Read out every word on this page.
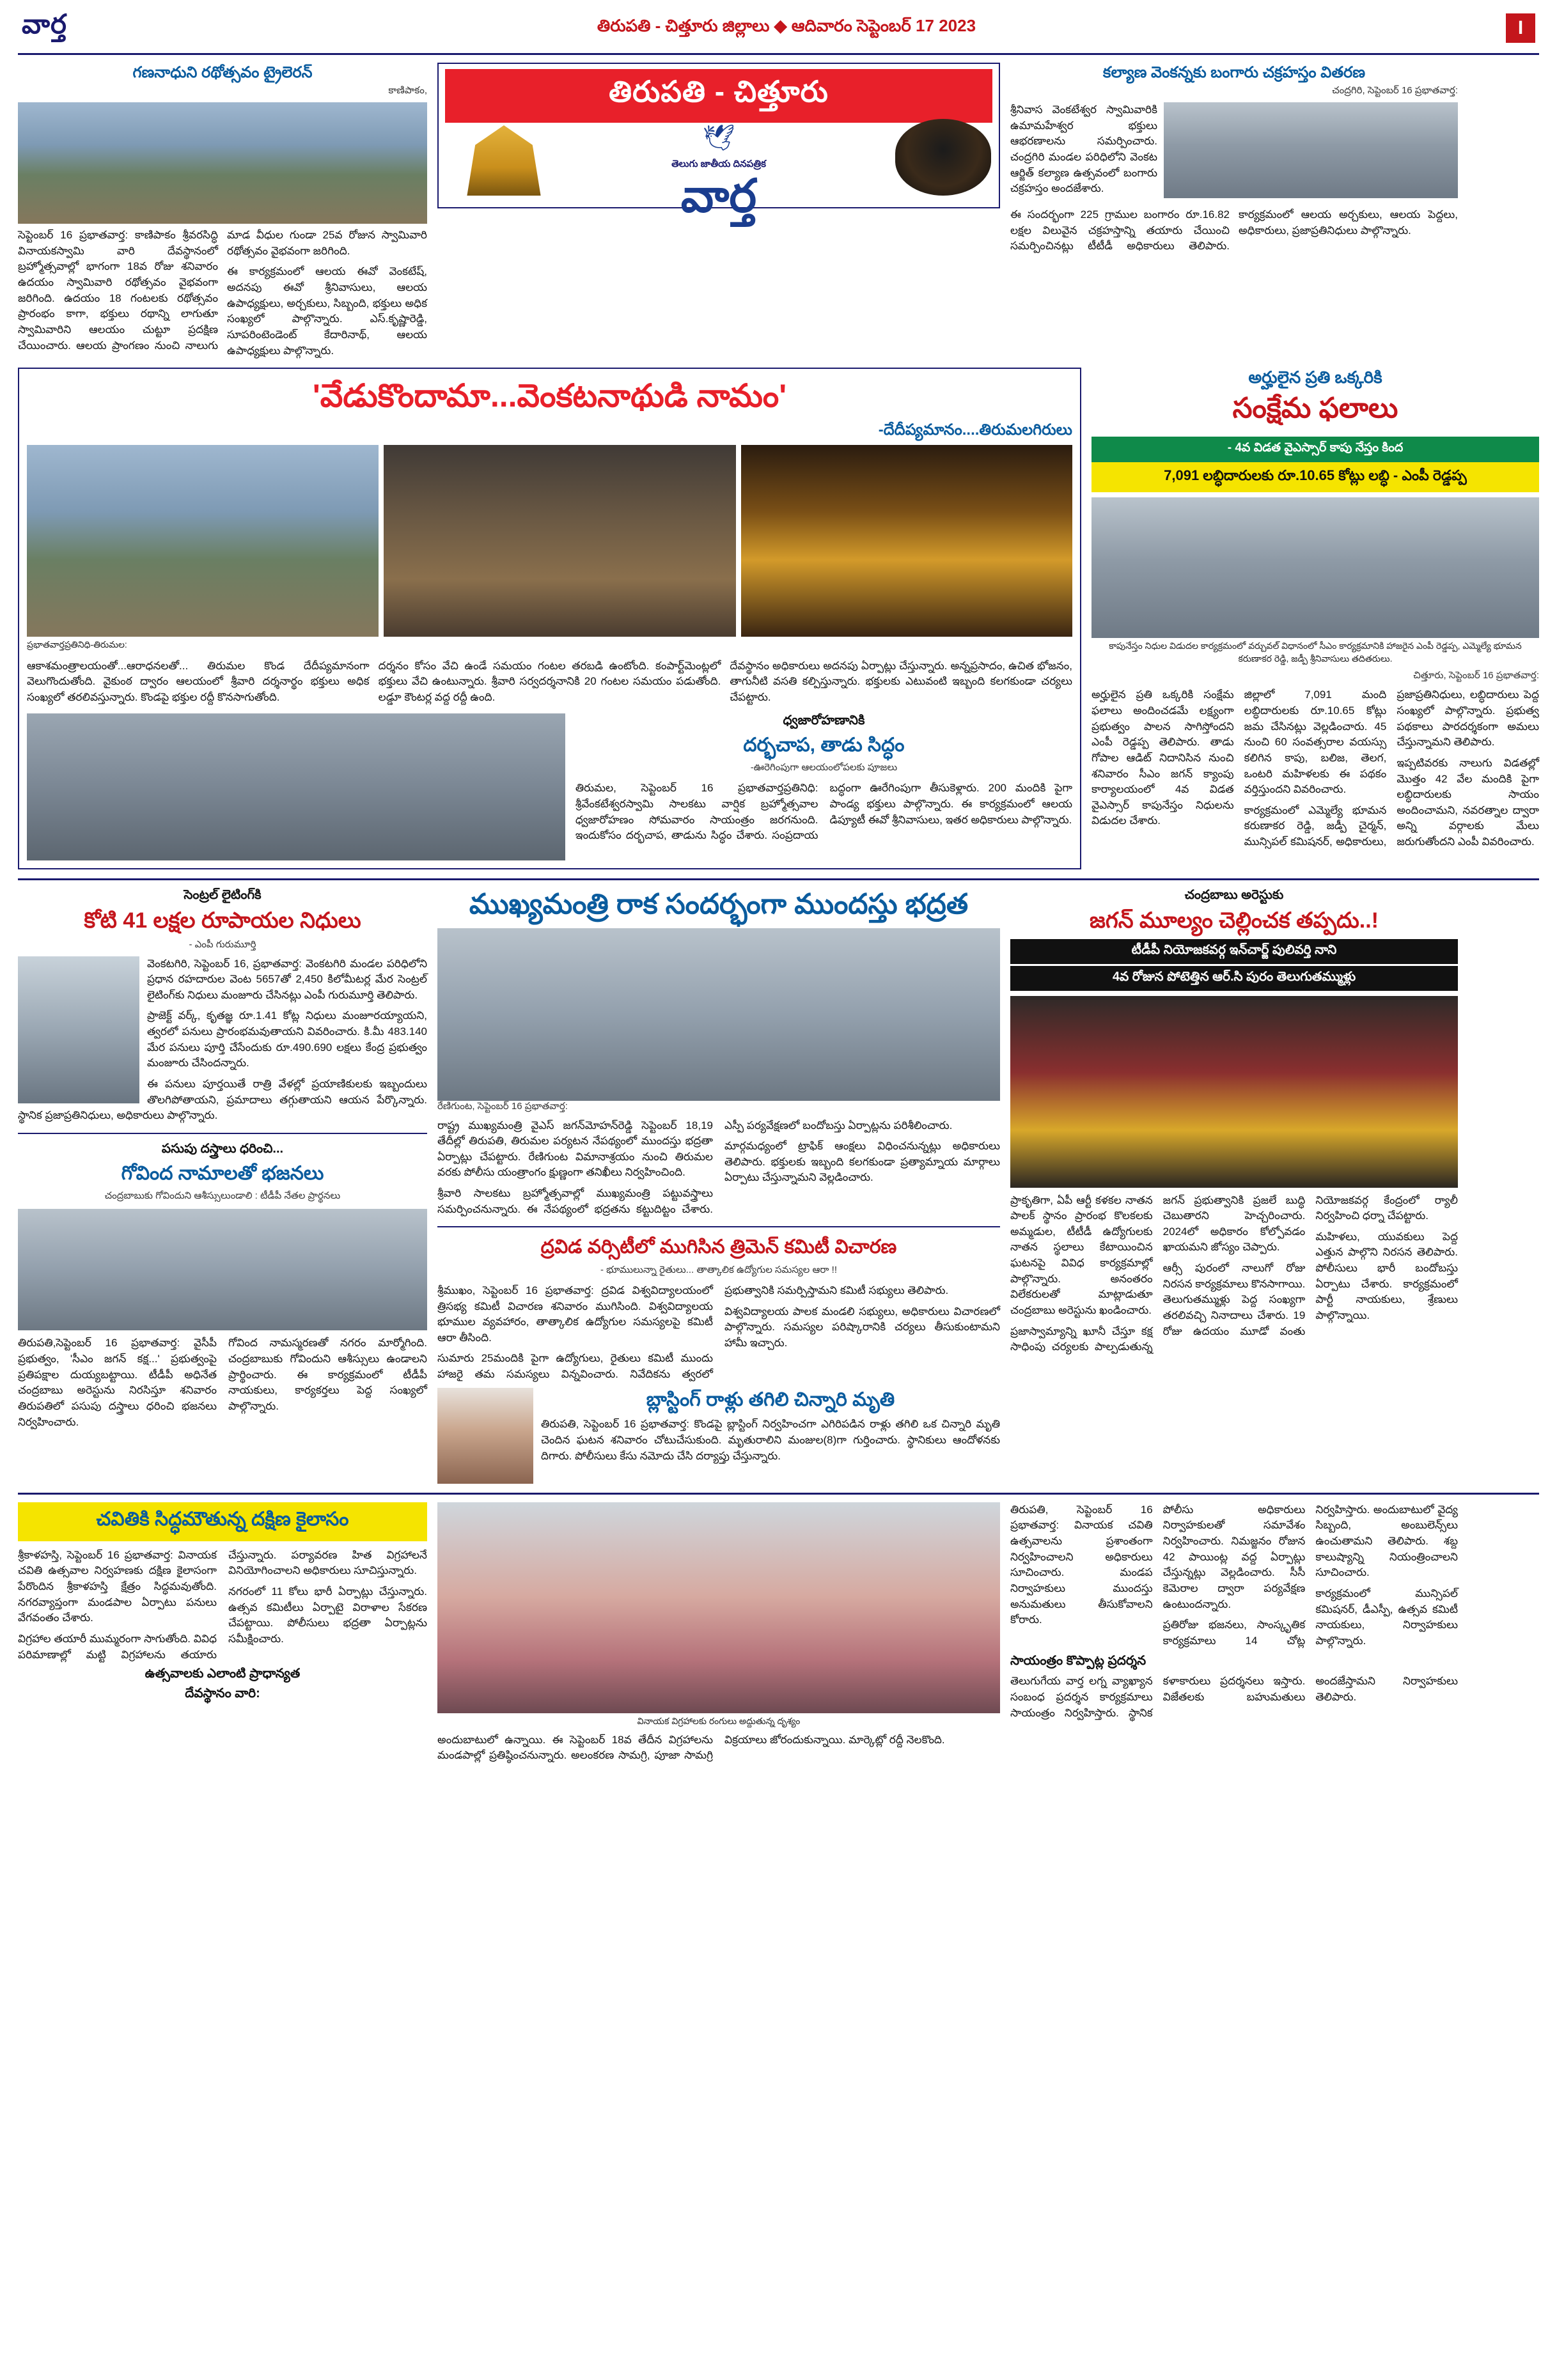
వార్త	తిరుపతి - చిత్తూరు జిల్లాలు ◆ ఆదివారం సెప్టెంబర్ 17 2023	I
గణనాధుని రథోత్సవం ట్రైలెరన్
కాణిపాకం,

సెప్టెంబర్ 16 ప్రభాతవార్త: కాణిపాకం శ్రీవరసిద్ధి వినాయకస్వామి వారి దేవస్థానంలో బ్రహ్మోత్సవాల్లో భాగంగా 18వ రోజు శనివారం ఉదయం స్వామివారి రథోత్సవం వైభవంగా జరిగింది. ఉదయం 18 గంటలకు రథోత్సవం ప్రారంభం కాగా, భక్తులు రథాన్ని లాగుతూ స్వామివారిని ఆలయం చుట్టూ ప్రదక్షిణ చేయించారు. ఆలయ ప్రాంగణం నుంచి నాలుగు మాడ వీధుల గుండా 25వ రోజున స్వామివారి రథోత్సవం వైభవంగా జరిగింది.

ఈ కార్యక్రమంలో ఆలయ ఈవో వెంకటేష్, అదనపు ఈవో శ్రీనివాసులు, ఆలయ ఉపాధ్యక్షులు, అర్చకులు, సిబ్బంది, భక్తులు అధిక సంఖ్యలో పాల్గొన్నారు. ఎస్.కృష్ణారెడ్డి, సూపరింటెండెంట్ కేదారినాథ్, ఆలయ ఉపాధ్యక్షులు పాల్గొన్నారు.

తిరుపతి - చిత్తూరు
🕊
తెలుగు జాతీయ దినపత్రిక
వార్త
కల్యాణ వెంకన్నకు బంగారు చక్రహస్తం వితరణ
చంద్రగిరి, సెప్టెంబర్ 16 ప్రభాతవార్త:

శ్రీనివాస వెంకటేశ్వర స్వామివారికి ఉమామహేశ్వర భక్తులు ఆభరణాలను సమర్పించారు. చంద్రగిరి మండల పరిధిలోని వెంకట ఆర్జిత్ కల్యాణ ఉత్సవంలో బంగారు చక్రహస్తం అందజేశారు.

ఈ సందర్భంగా 225 గ్రాముల బంగారం రూ.16.82 లక్షల విలువైన చక్రహస్తాన్ని తయారు చేయించి సమర్పించినట్లు టీటీడీ అధికారులు తెలిపారు. కార్యక్రమంలో ఆలయ అర్చకులు, ఆలయ పెద్దలు, అధికారులు, ప్రజాప్రతినిధులు పాల్గొన్నారు.

'వేడుకొందామా...వెంకటనాథుడి నామం'
-దేదీప్యమానం....తిరుమలగిరులు
ప్రభాతవార్తప్రతినిధి-తిరుమల:
ఆకాశమంత్రాలయంతో...ఆరాధనలతో... తిరుమల కొండ దేదీప్యమానంగా వెలుగొందుతోంది. వైకుంఠ ద్వారం ఆలయంలో శ్రీవారి దర్శనార్థం భక్తులు అధిక సంఖ్యలో తరలివస్తున్నారు. కొండపై భక్తుల రద్దీ కొనసాగుతోంది.
దర్శనం కోసం వేచి ఉండే సమయం గంటల తరబడి ఉంటోంది. కంపార్ట్‌మెంట్లలో భక్తులు వేచి ఉంటున్నారు. శ్రీవారి సర్వదర్శనానికి 20 గంటల సమయం పడుతోంది. లడ్డూ కౌంటర్ల వద్ద రద్దీ ఉంది.
దేవస్థానం అధికారులు అదనపు ఏర్పాట్లు చేస్తున్నారు. అన్నప్రసాదం, ఉచిత భోజనం, తాగునీటి వసతి కల్పిస్తున్నారు. భక్తులకు ఎటువంటి ఇబ్బంది కలగకుండా చర్యలు చేపట్టారు.
ధ్వజారోహణానికి
దర్భచాప, తాడు సిద్ధం
-ఊరెగింపుగా ఆలయంలోపలకు పూజలు
తిరుమల, సెప్టెంబర్ 16 ప్రభాతవార్తప్రతినిధి: శ్రీవేంకటేశ్వరస్వామి సాలకటు వార్షిక బ్రహ్మోత్సవాల ధ్వజారోహణం సోమవారం సాయంత్రం జరగనుంది. ఇందుకోసం దర్భచాప, తాడును సిద్ధం చేశారు. సంప్రదాయ బద్ధంగా ఊరేగింపుగా తీసుకెళ్లారు. 200 మందికి పైగా పాండ్య భక్తులు పాల్గొన్నారు. ఈ కార్యక్రమంలో ఆలయ డిప్యూటీ ఈవో శ్రీనివాసులు, ఇతర అధికారులు పాల్గొన్నారు.
అర్హులైన ప్రతి ఒక్కరికి
సంక్షేమ ఫలాలు
- 4వ విడత వైఎస్సార్ కాపు నేస్తం కింద
7,091 లబ్ధిదారులకు రూ.10.65 కోట్లు లబ్ధి - ఎంపీ రెడ్డప్ప
కాపునేస్తం నిధుల విడుదల కార్యక్రమంలో వర్చువల్ విధానంలో సీఎం కార్యక్రమానికి హాజరైన ఎంపీ రెడ్డప్ప, ఎమ్మెల్యే భూమన కరుణాకర రెడ్డి, జడ్పీ శ్రీనివాసులు తదితరులు.
చిత్తూరు, సెప్టెంబర్ 16 ప్రభాతవార్త:

అర్హులైన ప్రతి ఒక్కరికి సంక్షేమ ఫలాలు అందించడమే లక్ష్యంగా ప్రభుత్వం పాలన సాగిస్తోందని ఎంపీ రెడ్డప్ప తెలిపారు. తాడు గోపాల ఆడిట్ నిదానిసిన నుంచి శనివారం సీఎం జగన్ క్యాంపు కార్యాలయంలో 4వ విడత వైఎస్సార్ కాపునేస్తం నిధులను విడుదల చేశారు.

జిల్లాలో 7,091 మంది లబ్ధిదారులకు రూ.10.65 కోట్లు జమ చేసినట్లు వెల్లడించారు. 45 నుంచి 60 సంవత్సరాల వయస్సు కలిగిన కాపు, బలిజ, తెలగ, ఒంటరి మహిళలకు ఈ పథకం వర్తిస్తుందని వివరించారు.

కార్యక్రమంలో ఎమ్మెల్యే భూమన కరుణాకర రెడ్డి, జడ్పీ చైర్మన్, మున్సిపల్ కమిషనర్, అధికారులు, ప్రజాప్రతినిధులు, లబ్ధిదారులు పెద్ద సంఖ్యలో పాల్గొన్నారు. ప్రభుత్వ పథకాలు పారదర్శకంగా అమలు చేస్తున్నామని తెలిపారు.

ఇప్పటివరకు నాలుగు విడతల్లో మొత్తం 42 వేల మందికి పైగా లబ్ధిదారులకు సాయం అందించామని, నవరత్నాల ద్వారా అన్ని వర్గాలకు మేలు జరుగుతోందని ఎంపీ వివరించారు.

సెంట్రల్ లైటింగ్‌కి
కోటి 41 లక్షల రూపాయల నిధులు
- ఎంపీ గురుమూర్తి

వెంకటగిరి, సెప్టెంబర్ 16, ప్రభాతవార్త: వెంకటగిరి మండల పరిధిలోని ప్రధాన రహదారుల వెంట 5657తో 2,450 కిలోమీటర్ల మేర సెంట్రల్ లైటింగ్‌కు నిధులు మంజూరు చేసినట్లు ఎంపీ గురుమూర్తి తెలిపారు.

ప్రాజెక్ట్ వర్క్, కృతజ్ఞ రూ.1.41 కోట్ల నిధులు మంజూరయ్యాయని, త్వరలో పనులు ప్రారంభమవుతాయని వివరించారు. కి.మీ 483.140 మేర పనులు పూర్తి చేసేందుకు రూ.490.690 లక్షలు కేంద్ర ప్రభుత్వం మంజూరు చేసిందన్నారు.

ఈ పనులు పూర్తయితే రాత్రి వేళల్లో ప్రయాణికులకు ఇబ్బందులు తొలగిపోతాయని, ప్రమాదాలు తగ్గుతాయని ఆయన పేర్కొన్నారు. స్థానిక ప్రజాప్రతినిధులు, అధికారులు పాల్గొన్నారు.

పసుపు దస్త్రాలు ధరించి...
గోవింద నామాలతో భజనలు
చంద్రబాబుకు గోవిందుని ఆశీస్సులుండాలి : టీడీపీ నేతల ప్రార్థనలు

తిరుపతి,సెప్టెంబర్ 16 ప్రభాతవార్త: వైసీపీ ప్రభుత్వం, 'సీఎం జగన్ కక్ష...' ప్రభుత్వంపై ప్రతిపక్షాల దుయ్యబట్టాయి. టీడీపీ అధినేత చంద్రబాబు అరెస్టును నిరసిస్తూ శనివారం తిరుపతిలో పసుపు దస్త్రాలు ధరించి భజనలు నిర్వహించారు.

గోవింద నామస్మరణతో నగరం మార్మోగింది. చంద్రబాబుకు గోవిందుని ఆశీస్సులు ఉండాలని ప్రార్థించారు. ఈ కార్యక్రమంలో టీడీపీ నాయకులు, కార్యకర్తలు పెద్ద సంఖ్యలో పాల్గొన్నారు.

ముఖ్యమంత్రి రాక సందర్భంగా ముందస్తు భద్రత
రేణిగుంట, సెప్టెంబర్ 16 ప్రభాతవార్త:

రాష్ట్ర ముఖ్యమంత్రి వైఎస్ జగన్‌మోహన్‌రెడ్డి సెప్టెంబర్ 18,19 తేదీల్లో తిరుపతి, తిరుమల పర్యటన నేపథ్యంలో ముందస్తు భద్రతా ఏర్పాట్లు చేపట్టారు. రేణిగుంట విమానాశ్రయం నుంచి తిరుమల వరకు పోలీసు యంత్రాంగం క్షుణ్ణంగా తనిఖీలు నిర్వహించింది.

శ్రీవారి సాలకటు బ్రహ్మోత్సవాల్లో ముఖ్యమంత్రి పట్టువస్త్రాలు సమర్పించనున్నారు. ఈ నేపథ్యంలో భద్రతను కట్టుదిట్టం చేశారు. ఎస్పీ పర్యవేక్షణలో బందోబస్తు ఏర్పాట్లను పరిశీలించారు.

మార్గమధ్యంలో ట్రాఫిక్ ఆంక్షలు విధించనున్నట్లు అధికారులు తెలిపారు. భక్తులకు ఇబ్బంది కలగకుండా ప్రత్యామ్నాయ మార్గాలు ఏర్పాటు చేస్తున్నామని వెల్లడించారు.

ద్రవిడ వర్సిటీలో ముగిసిన త్రిమెన్ కమిటీ విచారణ
- భూములున్నా రైతులు... తాత్కాలిక ఉద్యోగుల సమస్యల ఆరా !!

శ్రీముఖం, సెప్టెంబర్ 16 ప్రభాతవార్త: ద్రవిడ విశ్వవిద్యాలయంలో త్రిసభ్య కమిటీ విచారణ శనివారం ముగిసింది. విశ్వవిద్యాలయ భూముల వ్యవహారం, తాత్కాలిక ఉద్యోగుల సమస్యలపై కమిటీ ఆరా తీసింది.

సుమారు 25మందికి పైగా ఉద్యోగులు, రైతులు కమిటీ ముందు హాజరై తమ సమస్యలు విన్నవించారు. నివేదికను త్వరలో ప్రభుత్వానికి సమర్పిస్తామని కమిటీ సభ్యులు తెలిపారు.

విశ్వవిద్యాలయ పాలక మండలి సభ్యులు, అధికారులు విచారణలో పాల్గొన్నారు. సమస్యల పరిష్కారానికి చర్యలు తీసుకుంటామని హామీ ఇచ్చారు.

బ్లాస్టింగ్ రాళ్లు తగిలి చిన్నారి మృతి
తిరుపతి, సెప్టెంబర్ 16 ప్రభాతవార్త: కొండపై బ్లాస్టింగ్ నిర్వహించగా ఎగిరిపడిన రాళ్లు తగిలి ఒక చిన్నారి మృతి చెందిన ఘటన శనివారం చోటుచేసుకుంది. మృతురాలిని మంజుల(8)గా గుర్తించారు. స్థానికులు ఆందోళనకు దిగారు. పోలీసులు కేసు నమోదు చేసి దర్యాప్తు చేస్తున్నారు.
చంద్రబాబు అరెస్టుకు
జగన్ మూల్యం చెల్లించక తప్పదు..!
టీడీపీ నియోజకవర్గ ఇన్‌చార్జ్ పులివర్తి నాని
4వ రోజున పోటెత్తిన ఆర్.సి పురం తెలుగుతమ్ముళ్లు

ప్రాకృతిగా, ఏపీ ఆర్టీ కళకల నాతన పాలక్ స్థానం ప్రారంభ కొలకలకు అమ్మడుల, టీటీడీ ఉద్యోగులకు నాతన స్థలాలు కేటాయించిన ఘటనపై వివిధ కార్యక్రమాల్లో పాల్గొన్నారు. అనంతరం విలేకరులతో మాట్లాడుతూ చంద్రబాబు అరెస్టును ఖండించారు.

ప్రజాస్వామ్యాన్ని ఖూనీ చేస్తూ కక్ష సాధింపు చర్యలకు పాల్పడుతున్న జగన్ ప్రభుత్వానికి ప్రజలే బుద్ధి చెబుతారని హెచ్చరించారు. 2024లో అధికారం కోల్పోవడం ఖాయమని జోస్యం చెప్పారు.

ఆర్సీ పురంలో నాలుగో రోజు నిరసన కార్యక్రమాలు కొనసాగాయి. తెలుగుతమ్ముళ్లు పెద్ద సంఖ్యగా తరలివచ్చి నినాదాలు చేశారు. 19 రోజు ఉదయం మూడో వంతు నియోజకవర్గ కేంద్రంలో ర్యాలీ నిర్వహించి ధర్నా చేపట్టారు.

మహిళలు, యువకులు పెద్ద ఎత్తున పాల్గొని నిరసన తెలిపారు. పోలీసులు భారీ బందోబస్తు ఏర్పాటు చేశారు. కార్యక్రమంలో పార్టీ నాయకులు, శ్రేణులు పాల్గొన్నాయి.

చవితికి సిద్ధమౌతున్న దక్షిణ కైలాసం

శ్రీకాళహస్తి, సెప్టెంబర్ 16 ప్రభాతవార్త: వినాయక చవితి ఉత్సవాల నిర్వహణకు దక్షిణ కైలాసంగా పేరొందిన శ్రీకాళహస్తి క్షేత్రం సిద్ధమవుతోంది. నగరవ్యాప్తంగా మండపాల ఏర్పాటు పనులు వేగవంతం చేశారు.

విగ్రహాల తయారీ ముమ్మరంగా సాగుతోంది. వివిధ పరిమాణాల్లో మట్టి విగ్రహాలను తయారు చేస్తున్నారు. పర్యావరణ హిత విగ్రహాలనే వినియోగించాలని అధికారులు సూచిస్తున్నారు.

నగరంలో 11 కోలు భారీ ఏర్పాట్లు చేస్తున్నారు. ఉత్సవ కమిటీలు ఏర్పాటై విరాళాల సేకరణ చేపట్టాయి. పోలీసులు భద్రతా ఏర్పాట్లను సమీక్షించారు.

ఉత్సవాలకు ఎలాంటి ప్రాధాన్యత
దేవస్థానం వారి:
వినాయక విగ్రహాలకు రంగులు అద్దుతున్న దృశ్యం
అందుబాటులో ఉన్నాయి. ఈ సెప్టెంబర్ 18వ తేదీన విగ్రహాలను మండపాల్లో ప్రతిష్ఠించనున్నారు. అలంకరణ సామగ్రి, పూజా సామగ్రి విక్రయాలు జోరందుకున్నాయి. మార్కెట్లో రద్దీ నెలకొంది.

తిరుపతి, సెప్టెంబర్ 16 ప్రభాతవార్త: వినాయక చవితి ఉత్సవాలను ప్రశాంతంగా నిర్వహించాలని అధికారులు సూచించారు. మండప నిర్వాహకులు ముందస్తు అనుమతులు తీసుకోవాలని కోరారు.

పోలీసు అధికారులు నిర్వాహకులతో సమావేశం నిర్వహించారు. నిమజ్జనం రోజున 42 పాయింట్ల వద్ద ఏర్పాట్లు చేస్తున్నట్లు వెల్లడించారు. సీసీ కెమెరాల ద్వారా పర్యవేక్షణ ఉంటుందన్నారు.

ప్రతిరోజు భజనలు, సాంస్కృతిక కార్యక్రమాలు 14 చోట్ల నిర్వహిస్తారు. అందుబాటులో వైద్య సిబ్బంది, అంబులెన్స్‌లు ఉంచుతామని తెలిపారు. శబ్ద కాలుష్యాన్ని నియంత్రించాలని సూచించారు.

కార్యక్రమంలో మున్సిపల్ కమిషనర్, డీఎస్పీ, ఉత్సవ కమిటీ నాయకులు, నిర్వాహకులు పాల్గొన్నారు.

సాయంత్రం కొప్పాట్ల ప్రదర్శన
తెలుగుగేయ వార్త లగ్న వ్యాఖ్యాన సంబంధ ప్రదర్శన కార్యక్రమాలు సాయంత్రం నిర్వహిస్తారు. స్థానిక కళాకారులు ప్రదర్శనలు ఇస్తారు. విజేతలకు బహుమతులు అందజేస్తామని నిర్వాహకులు తెలిపారు.
